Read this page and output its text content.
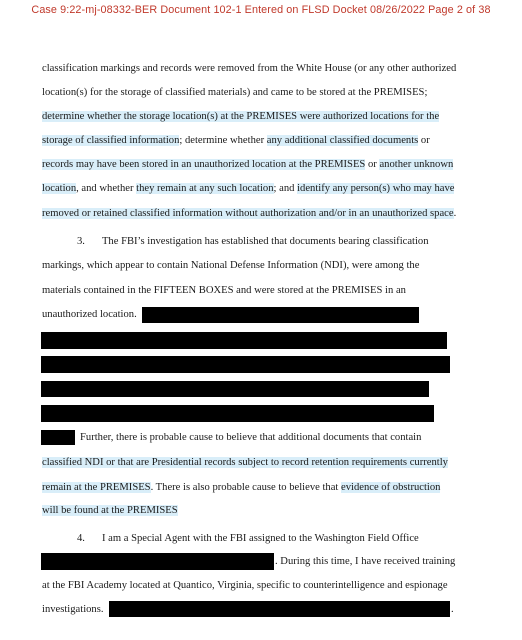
Case 9:22-mj-08332-BER Document 102-1 Entered on FLSD Docket 08/26/2022 Page 2 of 38
classification markings and records were removed from the White House (or any other authorized
location(s) for the storage of classified materials) and came to be stored at the PREMISES;
determine whether the storage location(s) at the PREMISES were authorized locations for the
storage of classified information; determine whether any additional classified documents or
records may have been stored in an unauthorized location at the PREMISES or another unknown
location, and whether they remain at any such location; and identify any person(s) who may have
removed or retained classified information without authorization and/or in an unauthorized space.
3. The FBI’s investigation has established that documents bearing classification
markings, which appear to contain National Defense Information (NDI), were among the
materials contained in the FIFTEEN BOXES and were stored at the PREMISES in an
unauthorized location.
Further, there is probable cause to believe that additional documents that contain
classified NDI or that are Presidential records subject to record retention requirements currently
remain at the PREMISES. There is also probable cause to believe that evidence of obstruction
will be found at the PREMISES
4. I am a Special Agent with the FBI assigned to the Washington Field Office
. During this time, I have received training
at the FBI Academy located at Quantico, Virginia, specific to counterintelligence and espionage
investigations.	.
